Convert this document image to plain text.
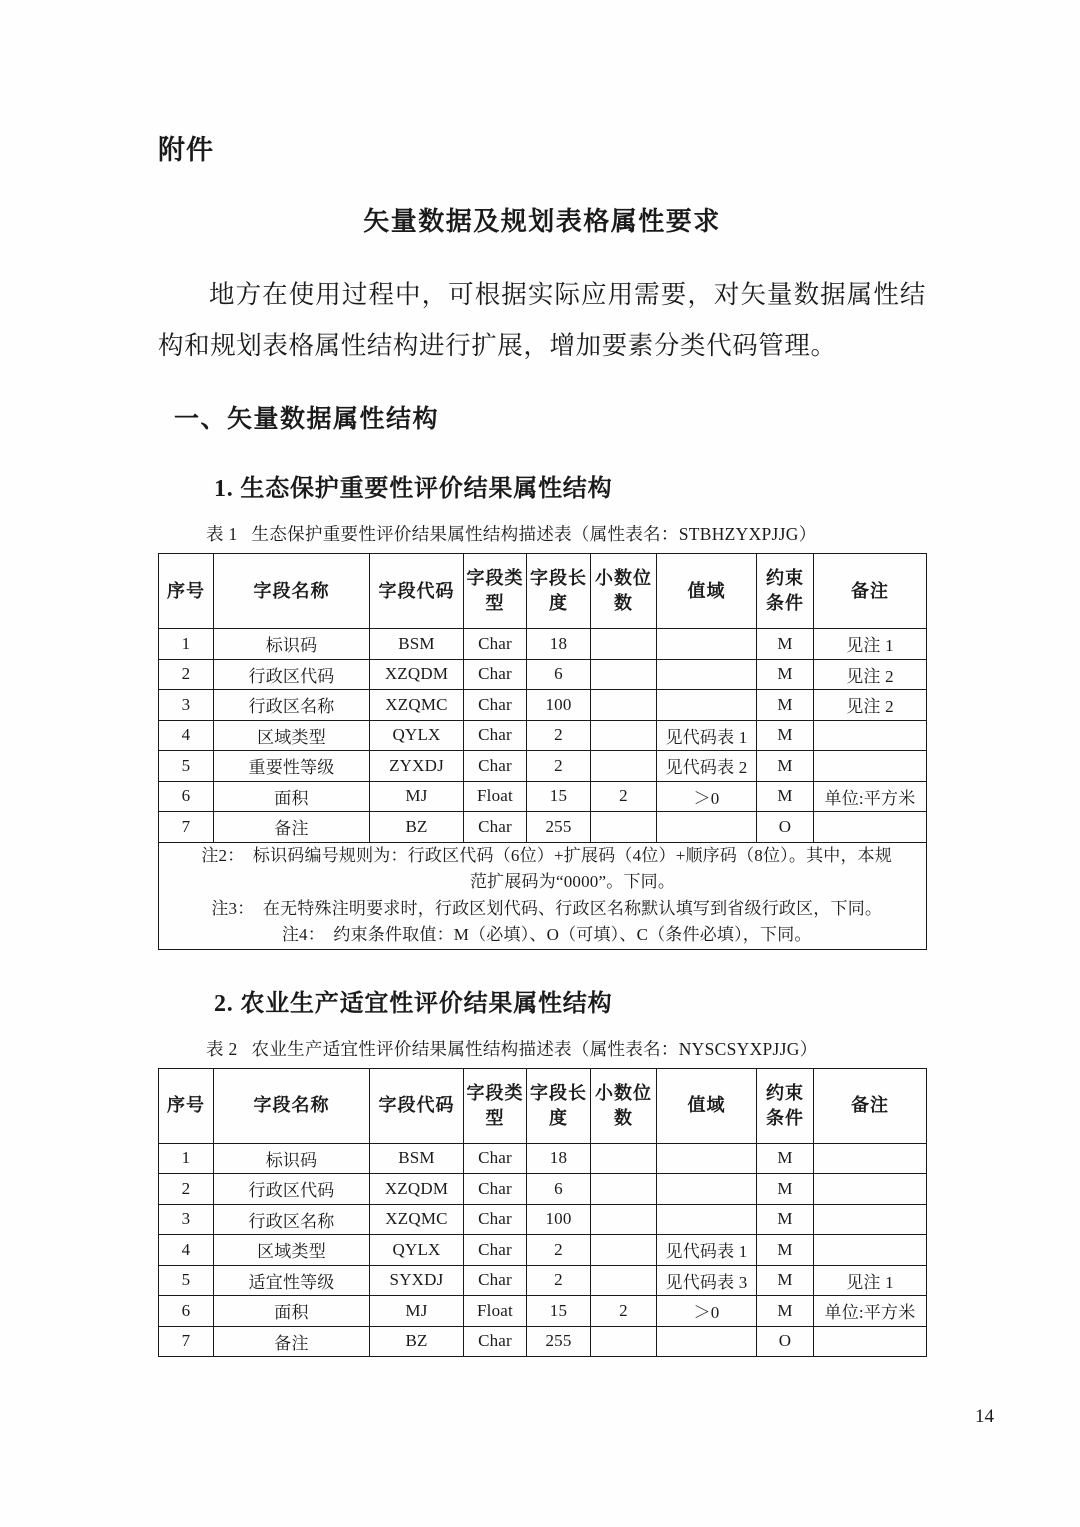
附件
矢量数据及规划表格属性要求

地方在使用过程中，可根据实际应用需要，对矢量数据属性结构和规划表格属性结构进行扩展，增加要素分类代码管理。

一、矢量数据属性结构
1. 生态保护重要性评价结果属性结构
表 1 生态保护重要性评价结果属性结构描述表（属性表名：STBHZYXPJJG）
序号	字段名称	字段代码	字段类型	字段长度	小数位数	值域	约束条件	备注
1	标识码	BSM	Char	18			M	见注 1
2	行政区代码	XZQDM	Char	6			M	见注 2
3	行政区名称	XZQMC	Char	100			M	见注 2
4	区域类型	QYLX	Char	2		见代码表 1	M	
5	重要性等级	ZYXDJ	Char	2		见代码表 2	M	
6	面积	MJ	Float	15	2	＞0	M	单位:平方米
7	备注	BZ	Char	255			O	

注2： 标识码编号规则为：行政区代码（6位）+扩展码（4位）+顺序码（8位）。其中，本规
范扩展码为“0000”。下同。
注3： 在无特殊注明要求时，行政区划代码、行政区名称默认填写到省级行政区，下同。
注4： 约束条件取值：M（必填）、O（可填）、C（条件必填），下同。								
2. 农业生产适宜性评价结果属性结构
表 2 农业生产适宜性评价结果属性结构描述表（属性表名：NYSCSYXPJJG）
序号	字段名称	字段代码	字段类型	字段长度	小数位数	值域	约束条件	备注
1	标识码	BSM	Char	18			M	
2	行政区代码	XZQDM	Char	6			M	
3	行政区名称	XZQMC	Char	100			M	
4	区域类型	QYLX	Char	2		见代码表 1	M	
5	适宜性等级	SYXDJ	Char	2		见代码表 3	M	见注 1
6	面积	MJ	Float	15	2	＞0	M	单位:平方米
7	备注	BZ	Char	255			O	
14
